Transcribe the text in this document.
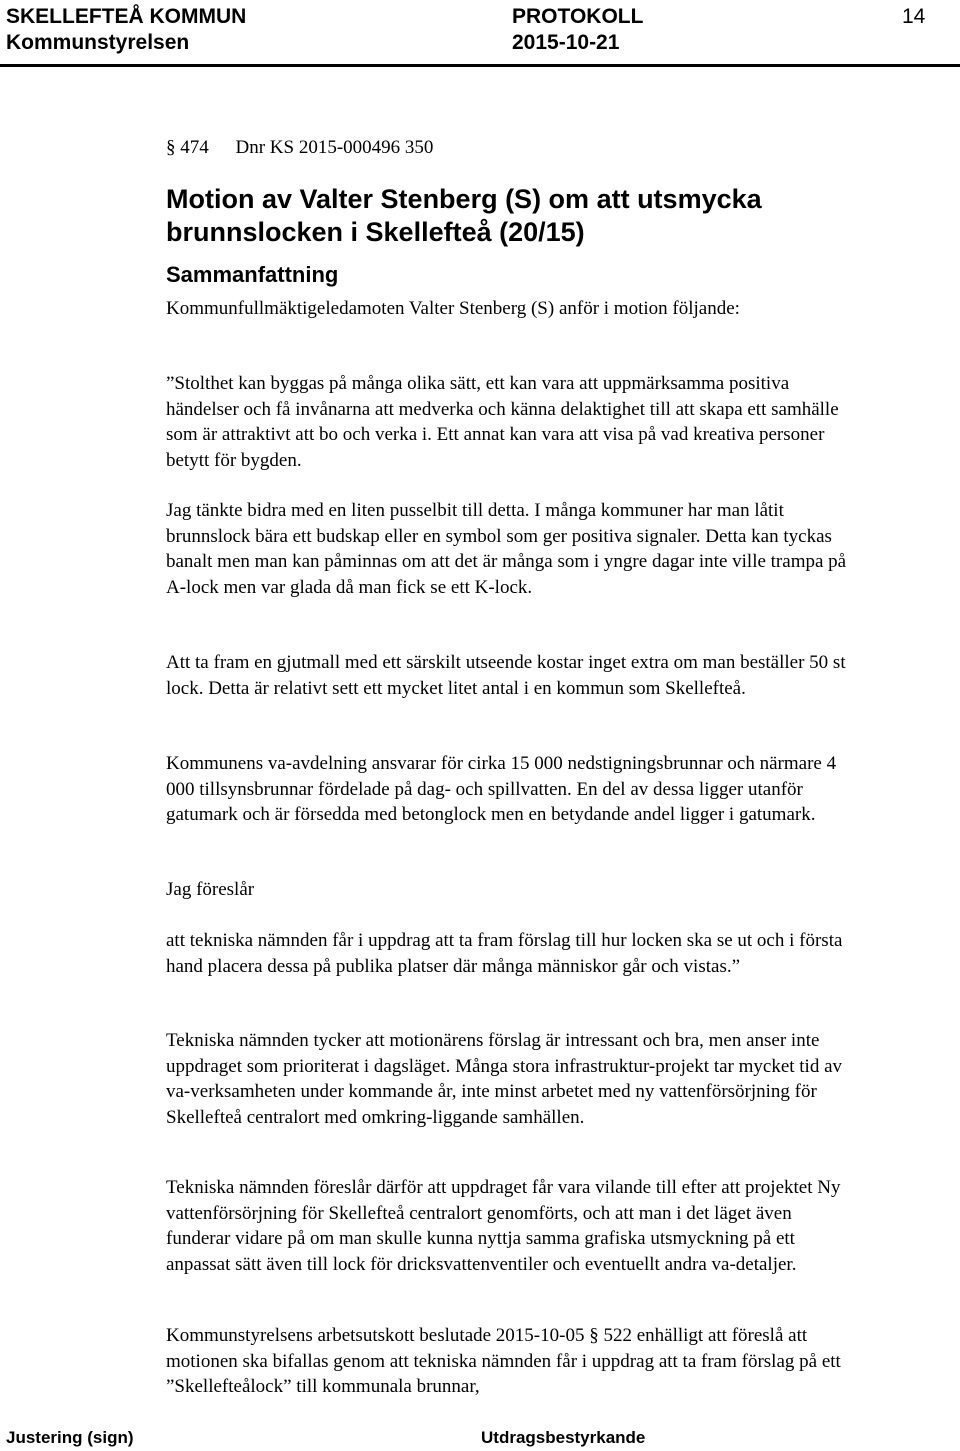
SKELLEFTEÅ KOMMUN	PROTOKOLL	14
Kommunstyrelsen	2015-10-21
§ 474 Dnr KS 2015-000496 350
Motion av Valter Stenberg (S) om att utsmycka brunnslocken i Skellefteå (20/15)
Sammanfattning

Kommunfullmäktigeledamoten Valter Stenberg (S) anför i motion följande:

”Stolthet kan byggas på många olika sätt, ett kan vara att uppmärksamma positiva händelser och få invånarna att medverka och känna delaktighet till att skapa ett samhälle som är attraktivt att bo och verka i. Ett annat kan vara att visa på vad kreativa personer betytt för bygden.

Jag tänkte bidra med en liten pusselbit till detta. I många kommuner har man låtit brunnslock bära ett budskap eller en symbol som ger positiva signaler. Detta kan tyckas banalt men man kan påminnas om att det är många som i yngre dagar inte ville trampa på A-lock men var glada då man fick se ett K-lock.

Att ta fram en gjutmall med ett särskilt utseende kostar inget extra om man beställer 50 st lock. Detta är relativt sett ett mycket litet antal i en kommun som Skellefteå.

Kommunens va-avdelning ansvarar för cirka 15 000 nedstigningsbrunnar och närmare 4 000 tillsynsbrunnar fördelade på dag- och spillvatten. En del av dessa ligger utanför gatumark och är försedda med betonglock men en betydande andel ligger i gatumark.

Jag föreslår

att tekniska nämnden får i uppdrag att ta fram förslag till hur locken ska se ut och i första hand placera dessa på publika platser där många människor går och vistas.”

Tekniska nämnden tycker att motionärens förslag är intressant och bra, men anser inte uppdraget som prioriterat i dagsläget. Många stora infrastruktur-projekt tar mycket tid av va-verksamheten under kommande år, inte minst arbetet med ny vattenförsörjning för Skellefteå centralort med omkring-liggande samhällen.

Tekniska nämnden föreslår därför att uppdraget får vara vilande till efter att projektet Ny vattenförsörjning för Skellefteå centralort genomförts, och att man i det läget även funderar vidare på om man skulle kunna nyttja samma grafiska utsmyckning på ett anpassat sätt även till lock för dricksvattenventiler och eventuellt andra va-detaljer.

Kommunstyrelsens arbetsutskott beslutade 2015-10-05 § 522 enhälligt att föreslå att motionen ska bifallas genom att tekniska nämnden får i uppdrag att ta fram förslag på ett ”Skellefteålock” till kommunala brunnar,

Justering (sign)	Utdragsbestyrkande
